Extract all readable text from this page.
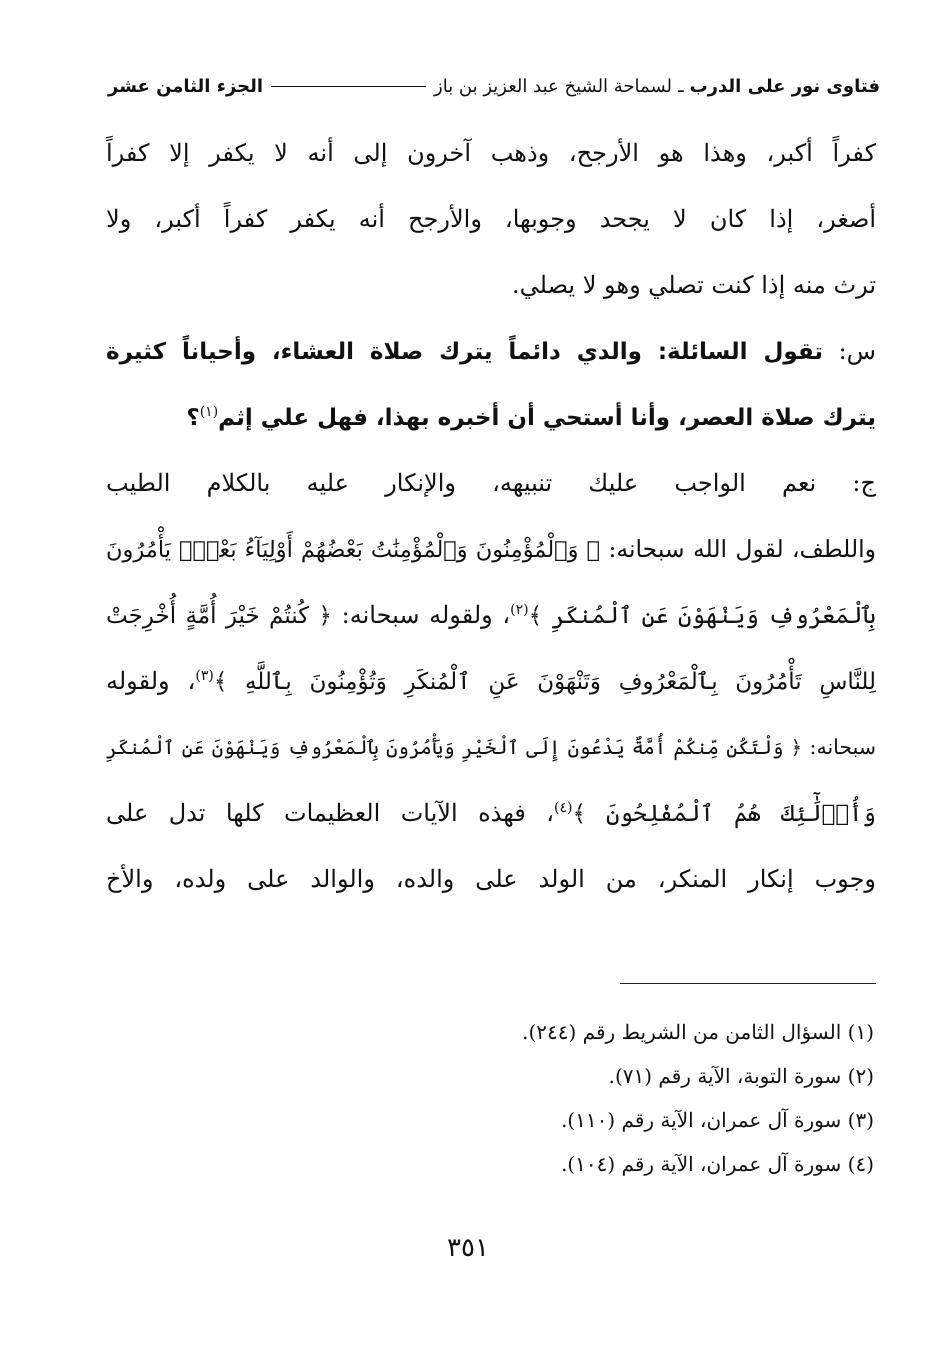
فتاوى نور على الدرب
ـ
لسماحة الشيخ عبد العزيز بن باز
الجزء الثامن عشر
كفراً أكبر، وهذا هو الأرجح، وذهب آخرون إلى أنه لا يكفر إلا كفراً
أصغر، إذا كان لا يجحد وجوبها، والأرجح أنه يكفر كفراً أكبر، ولا
ترث منه إذا كنت تصلي وهو لا يصلي.
س: تقول السائلة: والدي دائماً يترك صلاة العشاء، وأحياناً كثيرة
يترك صلاة العصر، وأنا أستحي أن أخبره بهذا، فهل علي إثم$^{(١)}$؟
ج: نعم الواجب عليك تنبيهه، والإنكار عليه بالكلام الطيب
واللطف، لقول الله سبحانه: ﴿ وَٱلْمُؤْمِنُونَ وَٱلْمُؤْمِنَٰتُ بَعْضُهُمْ أَوْلِيَآءُ بَعْضٍۢ يَأْمُرُونَ
بِٱلْمَعْرُوفِ وَيَنْهَوْنَ عَنِ ٱلْمُنكَرِ ﴾$^{(٢)}$، ولقوله سبحانه: ﴿ كُنتُمْ خَيْرَ أُمَّةٍ أُخْرِجَتْ
لِلنَّاسِ تَأْمُرُونَ بِٱلْمَعْرُوفِ وَتَنْهَوْنَ عَنِ ٱلْمُنكَرِ وَتُؤْمِنُونَ بِٱللَّهِ ﴾$^{(٣)}$، ولقوله
سبحانه: ﴿ وَلْتَكُن مِّنكُمْ أُمَّةٌ يَدْعُونَ إِلَى ٱلْخَيْرِ وَيَأْمُرُونَ بِٱلْمَعْرُوفِ وَيَنْهَوْنَ عَنِ ٱلْمُنكَرِ
وَأُو۟لَٰٓئِكَ هُمُ ٱلْمُفْلِحُونَ ﴾$^{(٤)}$، فهذه الآيات العظيمات كلها تدل على
وجوب إنكار المنكر، من الولد على والده، والوالد على ولده، والأخ
(١) السؤال الثامن من الشريط رقم (٢٤٤).
(٢) سورة التوبة، الآية رقم (٧١).
(٣) سورة آل عمران، الآية رقم (١١٠).
(٤) سورة آل عمران، الآية رقم (١٠٤).
٣٥١
